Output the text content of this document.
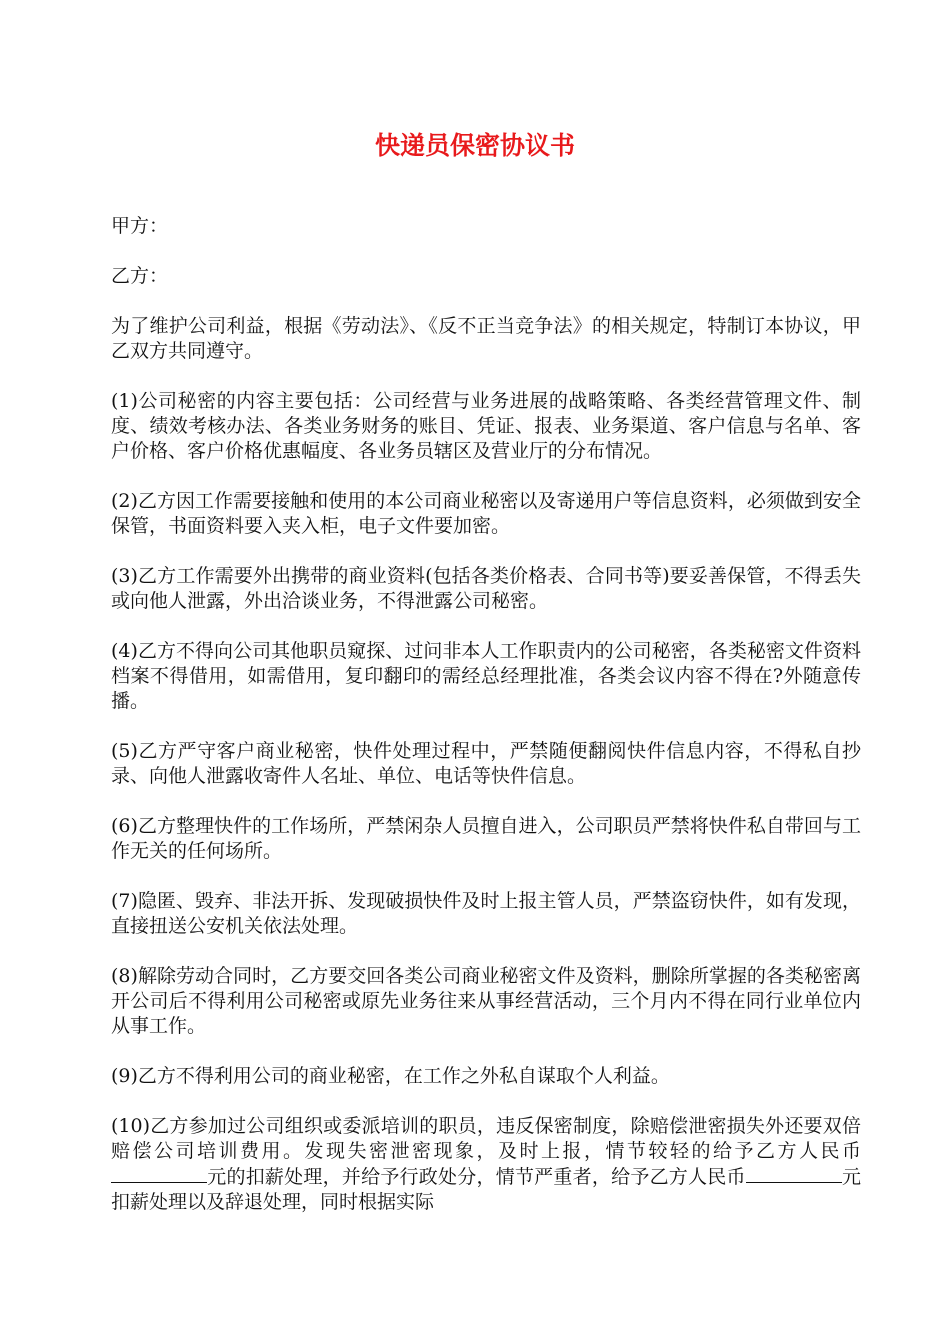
快递员保密协议书

甲方：

乙方：

为了维护公司利益，根据《劳动法》、《反不正当竞争法》的相关规定，特制订本协议，甲乙双方共同遵守。

(1)公司秘密的内容主要包括：公司经营与业务进展的战略策略、各类经营管理文件、制度、绩效考核办法、各类业务财务的账目、凭证、报表、业务渠道、客户信息与名单、客户价格、客户价格优惠幅度、各业务员辖区及营业厅的分布情况。

(2)乙方因工作需要接触和使用的本公司商业秘密以及寄递用户等信息资料，必须做到安全保管，书面资料要入夹入柜，电子文件要加密。

(3)乙方工作需要外出携带的商业资料(包括各类价格表、合同书等)要妥善保管，不得丢失或向他人泄露，外出洽谈业务，不得泄露公司秘密。

(4)乙方不得向公司其他职员窥探、过问非本人工作职责内的公司秘密，各类秘密文件资料档案不得借用，如需借用，复印翻印的需经总经理批准，各类会议内容不得在?外随意传播。

(5)乙方严守客户商业秘密，快件处理过程中，严禁随便翻阅快件信息内容，不得私自抄录、向他人泄露收寄件人名址、单位、电话等快件信息。

(6)乙方整理快件的工作场所，严禁闲杂人员擅自进入，公司职员严禁将快件私自带回与工作无关的任何场所。

(7)隐匿、毁弃、非法开拆、发现破损快件及时上报主管人员，严禁盗窃快件，如有发现，直接扭送公安机关依法处理。

(8)解除劳动合同时，乙方要交回各类公司商业秘密文件及资料，删除所掌握的各类秘密离开公司后不得利用公司秘密或原先业务往来从事经营活动，三个月内不得在同行业单位内从事工作。

(9)乙方不得利用公司的商业秘密，在工作之外私自谋取个人利益。

(10)乙方参加过公司组织或委派培训的职员，违反保密制度，除赔偿泄密损失外还要双倍赔偿公司培训费用。发现失密泄密现象，及时上报，情节较轻的给予乙方人民币元的扣薪处理，并给予行政处分，情节严重者，给予乙方人民币	元扣薪处理以及辞退处理，同时根据实际
